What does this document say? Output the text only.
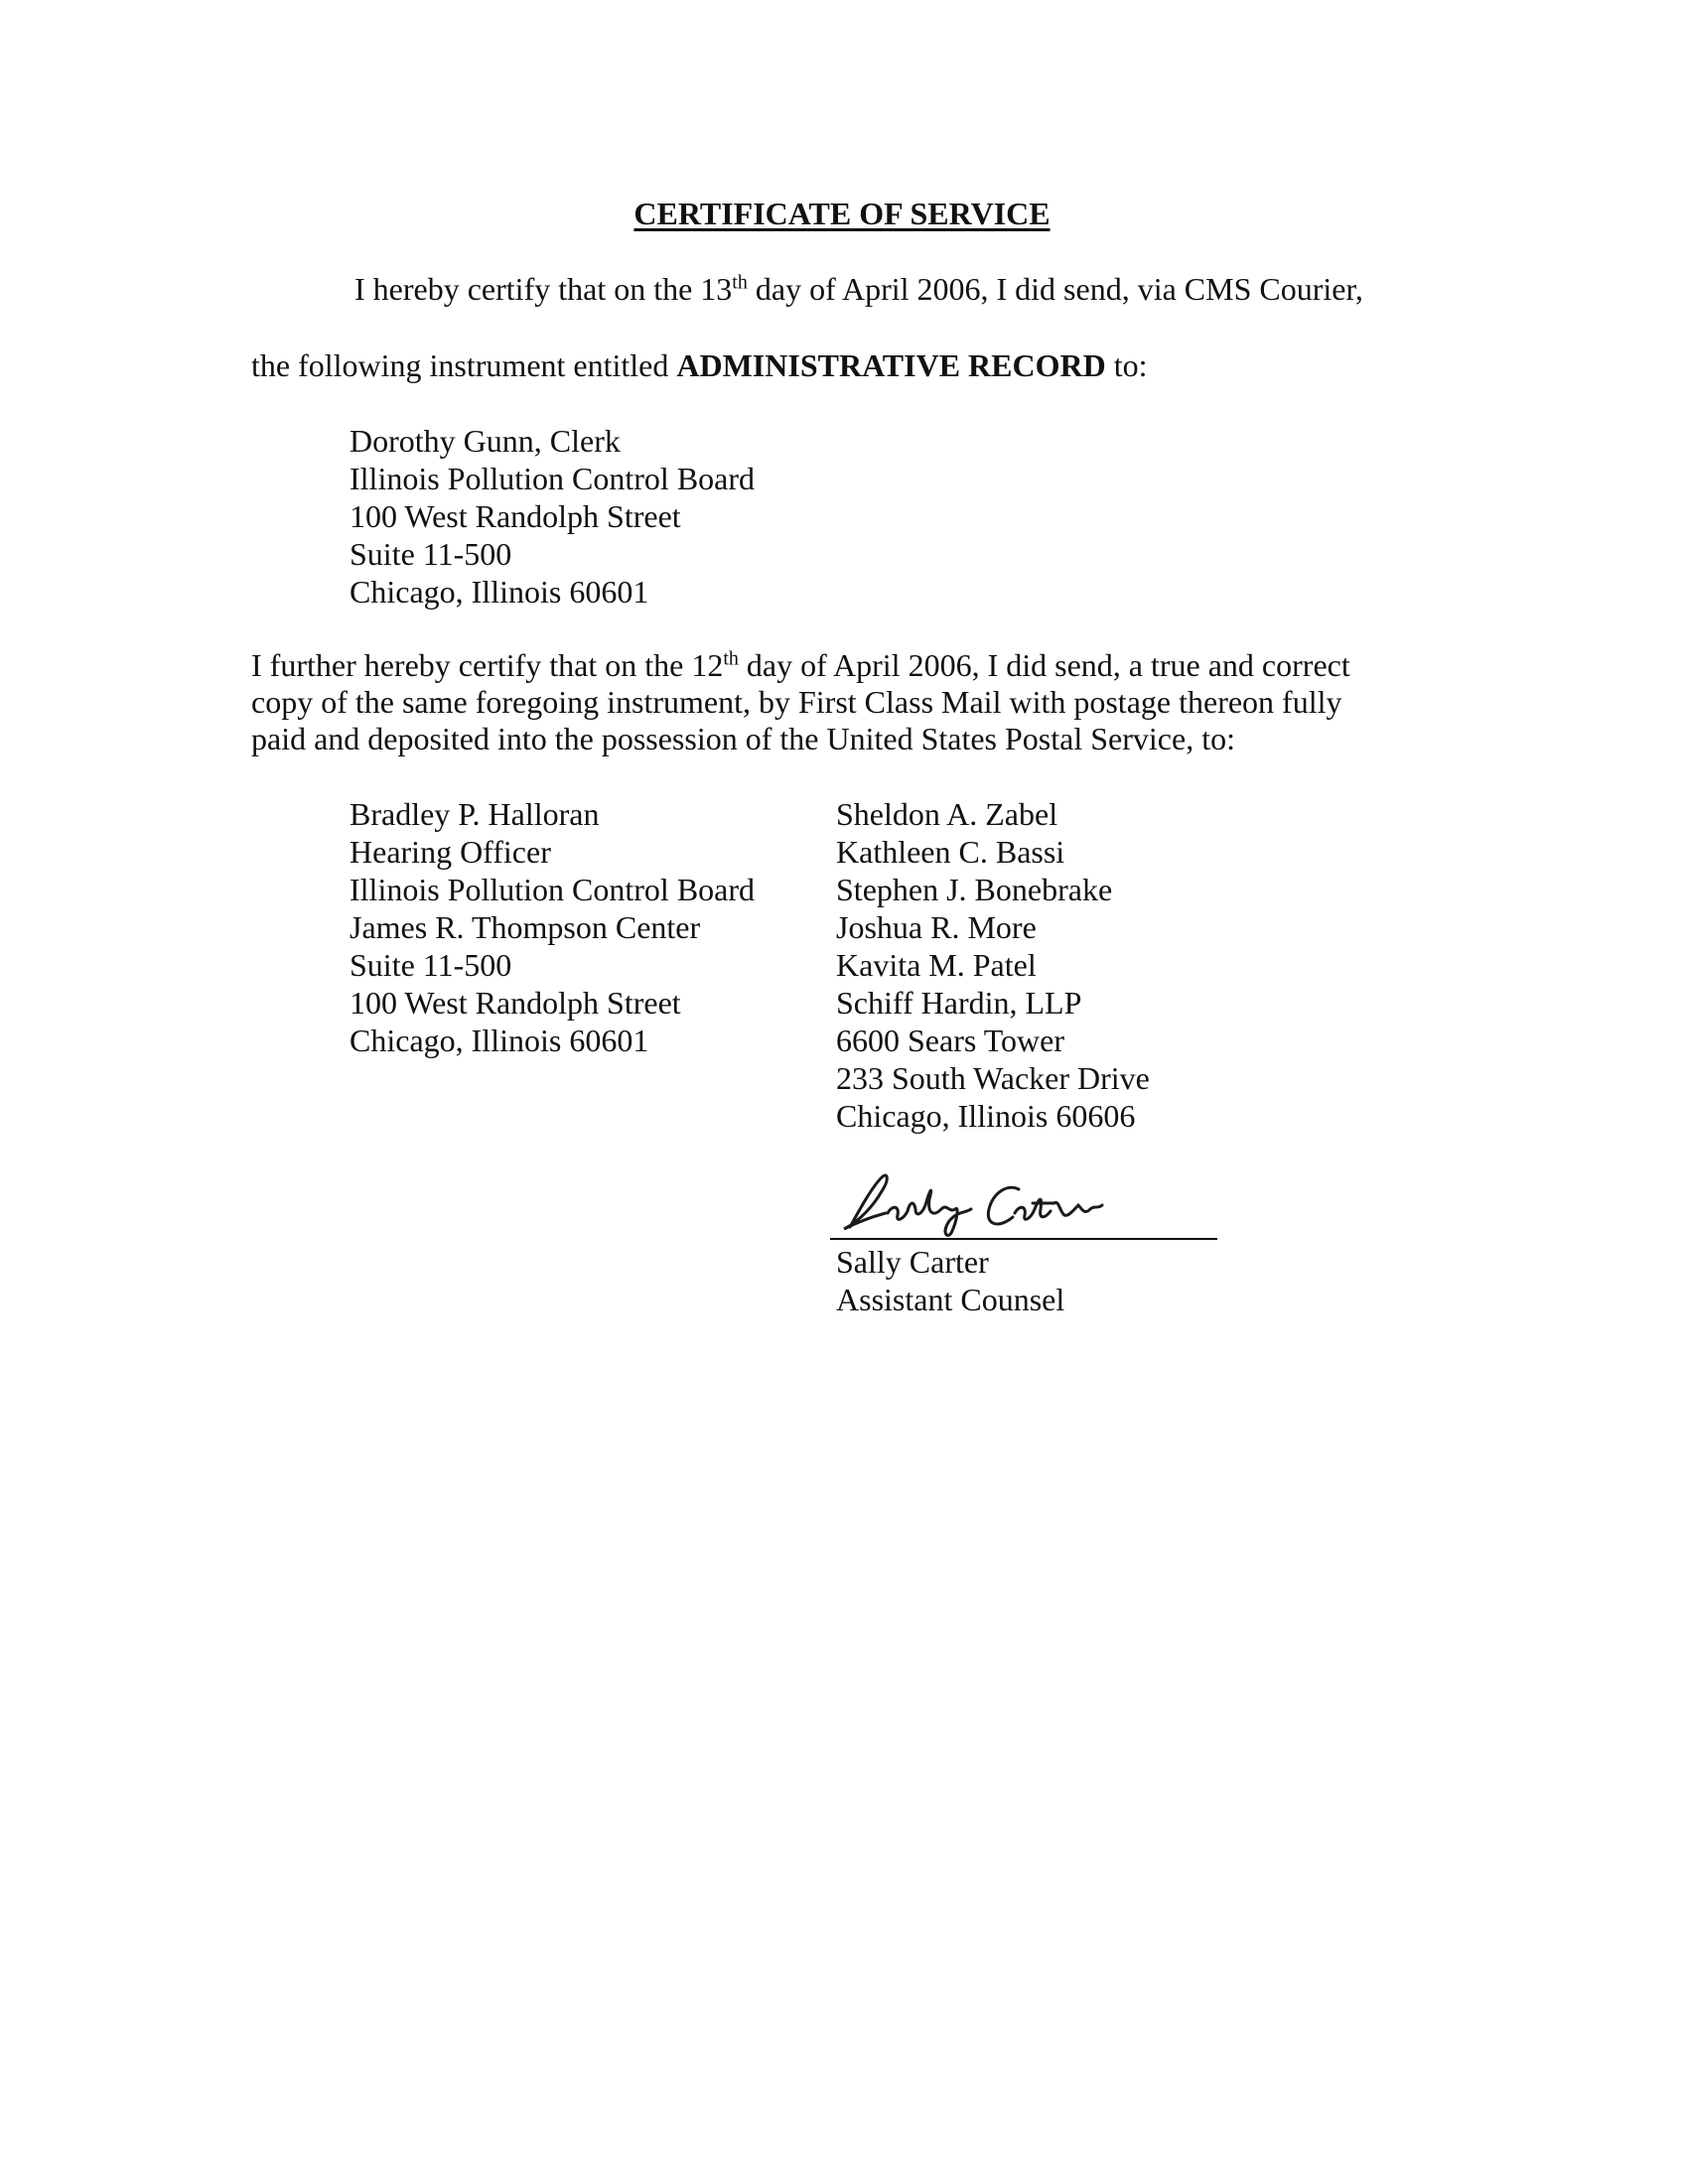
CERTIFICATE OF SERVICE
I hereby certify that on the 13th day of April 2006, I did send, via CMS Courier,
the following instrument entitled ADMINISTRATIVE RECORD to:
Dorothy Gunn, Clerk
Illinois Pollution Control Board
100 West Randolph Street
Suite 11-500
Chicago, Illinois 60601
I further hereby certify that on the 12th day of April 2006, I did send, a true and correct
copy of the same foregoing instrument, by First Class Mail with postage thereon fully
paid and deposited into the possession of the United States Postal Service, to:
Bradley P. Halloran
Hearing Officer
Illinois Pollution Control Board
James R. Thompson Center
Suite 11-500
100 West Randolph Street
Chicago, Illinois 60601
Sheldon A. Zabel
Kathleen C. Bassi
Stephen J. Bonebrake
Joshua R. More
Kavita M. Patel
Schiff Hardin, LLP
6600 Sears Tower
233 South Wacker Drive
Chicago, Illinois 60606
Sally Carter
Assistant Counsel
